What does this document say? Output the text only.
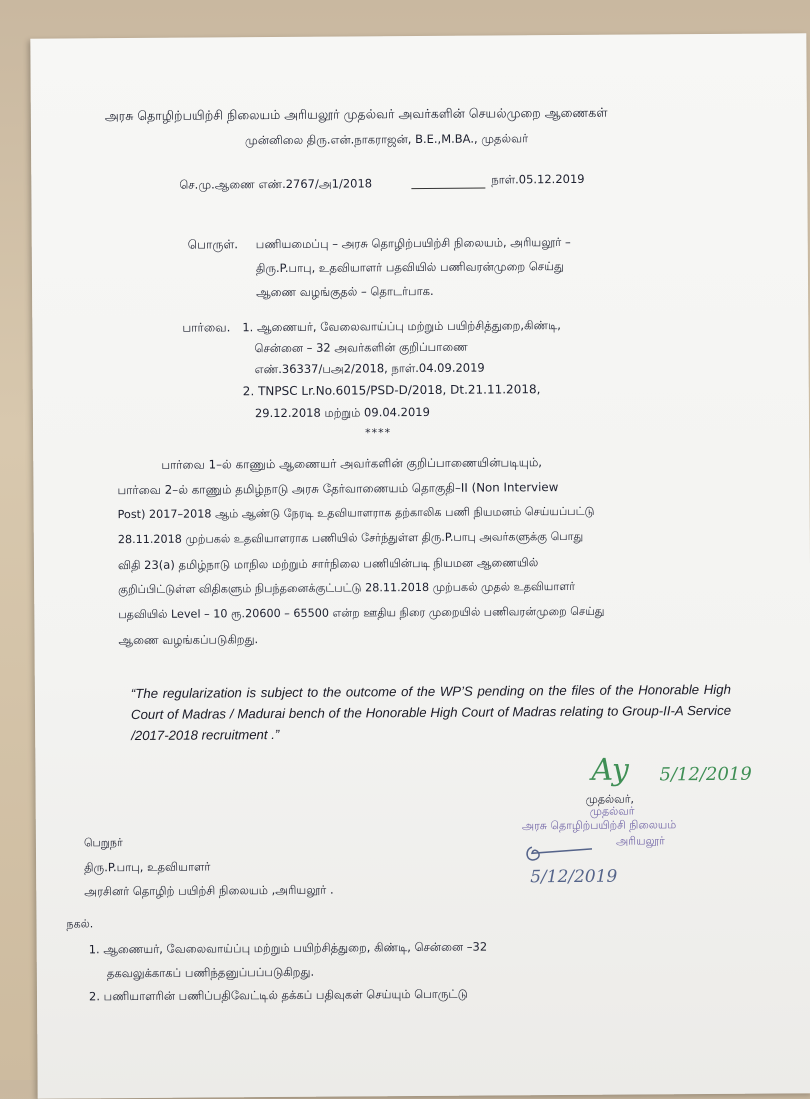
அரசு தொழிற்பயிற்சி நிலையம் அரியலூர் முதல்வர் அவர்களின் செயல்முறை ஆணைகள்
முன்னிலை திரு.என்.நாகராஜன், B.E.,M.BA., முதல்வர்
செ.மு.ஆணை எண்.2767/அ1/2018	நாள்.05.12.2019
பொருள். பணியமைப்பு – அரசு தொழிற்பயிற்சி நிலையம், அரியலூர் –
திரு.P.பாபு, உதவியாளர் பதவியில் பணிவரன்முறை செய்து
ஆணை வழங்குதல் – தொடர்பாக.
பார்வை. 1. ஆணையர், வேலைவாய்ப்பு மற்றும் பயிற்சித்துறை,கிண்டி,
சென்னை – 32 அவர்களின் குறிப்பாணை
எண்.36337/பஅ2/2018, நாள்.04.09.2019
2. TNPSC Lr.No.6015/PSD-D/2018, Dt.21.11.2018,
29.12.2018 மற்றும் 09.04.2019
****
பார்வை 1–ல் காணும் ஆணையர் அவர்களின் குறிப்பாணையின்படியும்,
பார்வை 2–ல் காணும் தமிழ்நாடு அரசு தேர்வாணையம் தொகுதி–II (Non Interview
Post) 2017–2018 ஆம் ஆண்டு நேரடி உதவியாளராக தற்காலிக பணி நியமனம் செய்யப்பட்டு
28.11.2018 முற்பகல் உதவியாளராக பணியில் சேர்ந்துள்ள திரு.P.பாபு அவர்களுக்கு பொது
விதி 23(a) தமிழ்நாடு மாநில மற்றும் சார்நிலை பணியின்படி நியமன ஆணையில்
குறிப்பிட்டுள்ள விதிகளும் நிபந்தனைக்குட்பட்டு 28.11.2018 முற்பகல் முதல் உதவியாளர்
பதவியில் Level – 10 ரூ.20600 – 65500 என்ற ஊதிய நிரை முறையில் பணிவரன்முறை செய்து
ஆணை வழங்கப்படுகிறது.
“The regularization is subject to the outcome of the WP’S pending on the files of the Honorable High Court of Madras / Madurai bench of the Honorable High Court of Madras relating to Group-II-A Service /2017-2018 recruitment .”
Ay 5/12/2019
முதல்வர்,
முதல்வர்
அரசு தொழிற்பயிற்சி நிலையம்
அரியலூர்
5/12/2019
பெறுநர்
திரு.P.பாபு, உதவியாளர்
அரசினர் தொழிற் பயிற்சி நிலையம் ,அரியலூர் .
நகல்.
1. ஆணையர், வேலைவாய்ப்பு மற்றும் பயிற்சித்துறை, கிண்டி, சென்னை –32
தகவலுக்காகப் பணிந்தனுப்பப்படுகிறது.
2. பணியாளரின் பணிப்பதிவேட்டில் தக்கப் பதிவுகள் செய்யும் பொருட்டு
